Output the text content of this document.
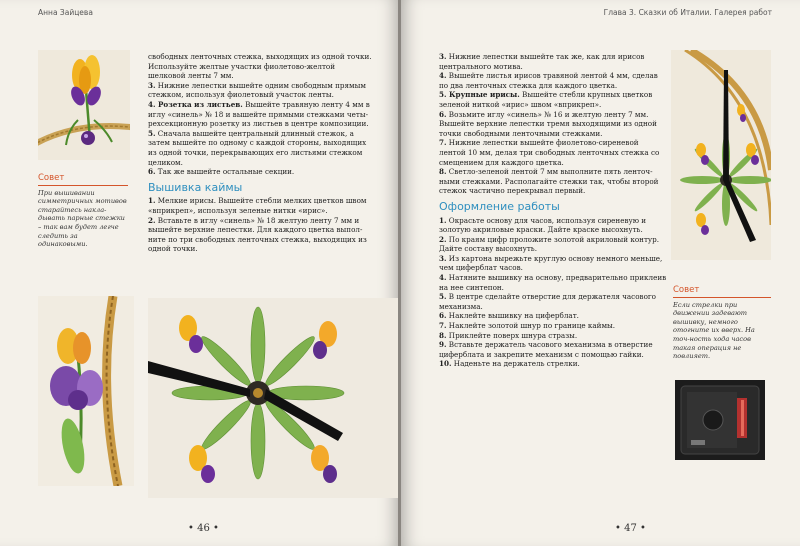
Анна Зайцева
Совет
При вышивании симметричных мотивов старайтесь накла-дывать парные стежки – так вам будет легче следить за одинаковыми.

свободных ленточных стежка, выходящих из одной точки. Используйте желтые участки фиолетово-желтой шелковой ленты 7 мм.

3. Нижние лепестки вышейте одним свободным прямым стежком, используя фиолетовый участок ленты.

4. Розетка из листьев. Вышейте травяную ленту 4 мм в иглу «синель» № 18 и вышейте прямыми стежками четы-рехсекционную розетку из листьев в центре композиции.

5. Сначала вышейте центральный длинный стежок, а затем вышейте по одному с каждой стороны, выходящих из одной точки, перекрывающих его листьями стежком целиком.

6. Так же вышейте остальные секции.

Вышивка каймы

1. Мелкие ирисы. Вышейте стебли мелких цветков швом «вприкреп», используя зеленые нитки «ирис».

2. Вставьте в иглу «синель» № 18 желтую ленту 7 мм и вышейте верхние лепестки. Для каждого цветка выпол-ните по три свободных ленточных стежка, выходящих из одной точки.

• 46 •
Глава 3. Сказки об Италии. Галерея работ

3. Нижние лепестки вышейте так же, как для ирисов центрального мотива.

4. Вышейте листья ирисов травяной лентой 4 мм, сделав по два ленточных стежка для каждого цветка.

5. Крупные ирисы. Вышейте стебли крупных цветков зеленой ниткой «ирис» швом «вприкреп».

6. Возьмите иглу «синель» № 16 и желтую ленту 7 мм. Вышейте верхние лепестки тремя выходящими из одной точки свободными ленточными стежками.

7. Нижние лепестки вышейте фиолетово-сиреневой лентой 10 мм, делая три свободных ленточных стежка со смещением для каждого цветка.

8. Светло-зеленой лентой 7 мм выполните пять ленточ-ными стежками. Располагайте стежки так, чтобы второй стежок частично перекрывал первый.

Оформление работы

1. Окрасьте основу для часов, используя сиреневую и золотую акриловые краски. Дайте краске высохнуть.

2. По краям цифр проложите золотой акриловый контур. Дайте составу высохнуть.

3. Из картона вырежьте круглую основу немного меньше, чем циферблат часов.

4. Натяните вышивку на основу, предварительно приклеив на нее синтепон.

5. В центре сделайте отверстие для держателя часового механизма.

6. Наклейте вышивку на циферблат.

7. Наклейте золотой шнур по границе каймы.

8. Приклейте поверх шнура стразы.

9. Вставьте держатель часового механизма в отверстие циферблата и закрепите механизм с помощью гайки.

10. Наденьте на держатель стрелки.

Совет
Если стрелки при движении задевают вышивку, немного отогните их вверх. На точ-ность хода часов такая операция не повлияет.
• 47 •
